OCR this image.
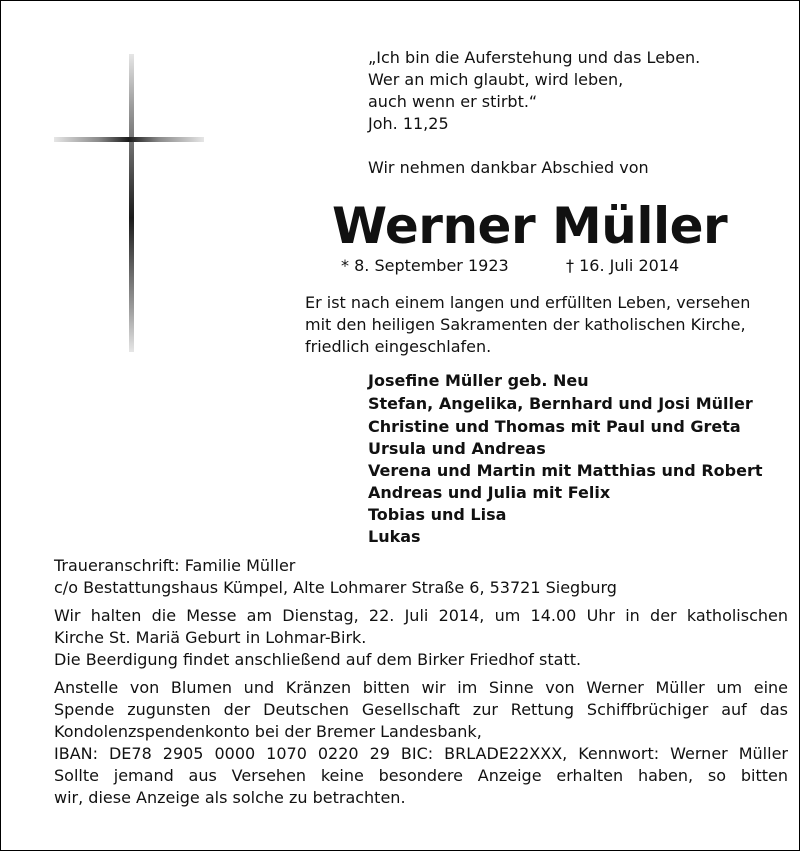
„Ich bin die Auferstehung und das Leben.
Wer an mich glaubt, wird leben,
auch wenn er stirbt.“
Joh. 11,25
Wir nehmen dankbar Abschied von
Werner Müller
* 8. September 1923	† 16. Juli 2014
Er ist nach einem langen und erfüllten Leben, versehen
mit den heiligen Sakramenten der katholischen Kirche,
friedlich eingeschlafen.
Josefine Müller geb. Neu
Stefan, Angelika, Bernhard und Josi Müller
Christine und Thomas mit Paul und Greta
Ursula und Andreas
Verena und Martin mit Matthias und Robert
Andreas und Julia mit Felix
Tobias und Lisa
Lukas
Traueranschrift: Familie Müller
c/o Bestattungshaus Kümpel, Alte Lohmarer Straße 6, 53721 Siegburg
Wir halten die Messe am Dienstag, 22. Juli 2014, um 14.00 Uhr in der katholischen
Kirche St. Mariä Geburt in Lohmar-Birk.
Die Beerdigung findet anschließend auf dem Birker Friedhof statt.
Anstelle von Blumen und Kränzen bitten wir im Sinne von Werner Müller um eine
Spende zugunsten der Deutschen Gesellschaft zur Rettung Schiffbrüchiger auf das
Kondolenzspendenkonto bei der Bremer Landesbank,
IBAN: DE78 2905 0000 1070 0220 29 BIC: BRLADE22XXX, Kennwort: Werner Müller
Sollte jemand aus Versehen keine besondere Anzeige erhalten haben, so bitten
wir, diese Anzeige als solche zu betrachten.
